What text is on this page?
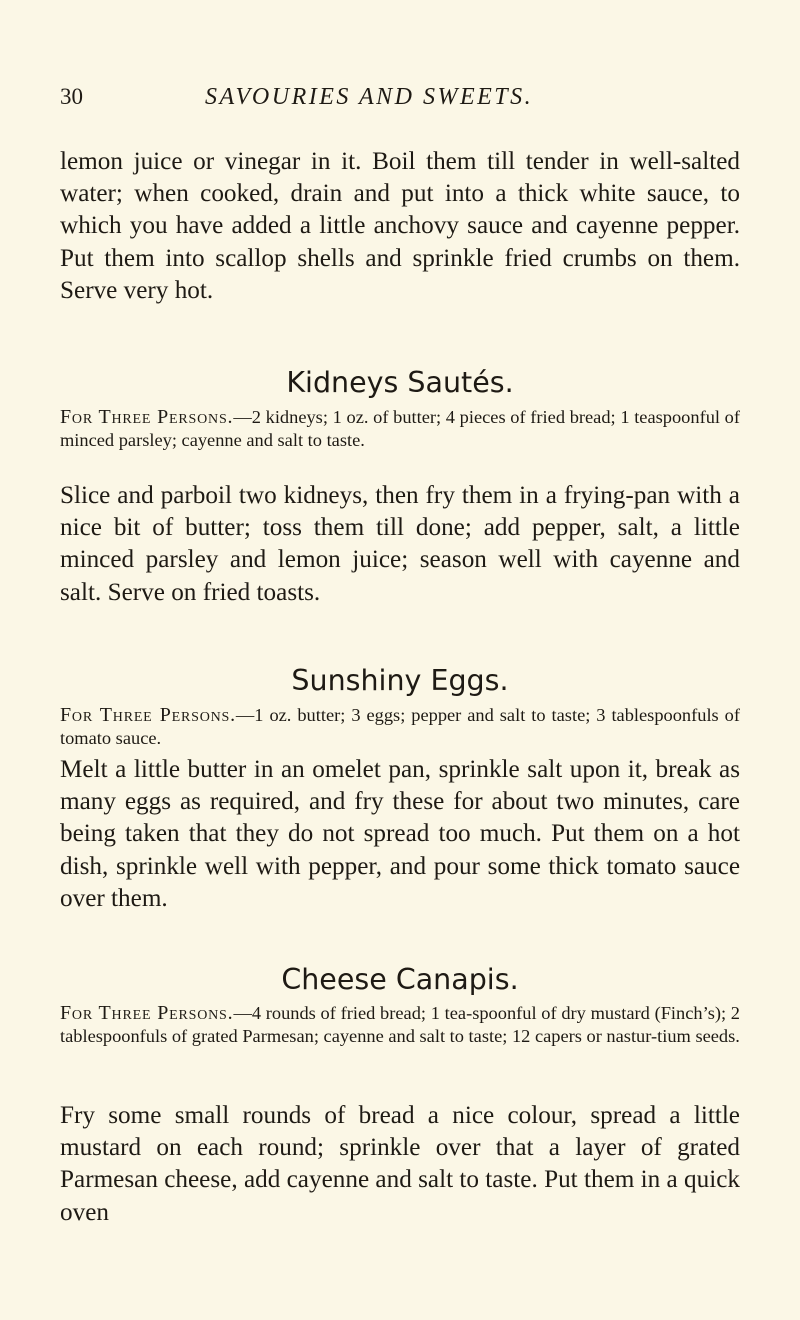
30	SAVOURIES AND SWEETS.

lemon juice or vinegar in it. Boil them till tender in well-salted water; when cooked, drain and put into a thick white sauce, to which you have added a little anchovy sauce and cayenne pepper. Put them into scallop shells and sprinkle fried crumbs on them. Serve very hot.

Kidneys Sautés.

For Three Persons.—2 kidneys; 1 oz. of butter; 4 pieces of fried bread; 1 teaspoonful of minced parsley; cayenne and salt to taste.

Slice and parboil two kidneys, then fry them in a frying-pan with a nice bit of butter; toss them till done; add pepper, salt, a little minced parsley and lemon juice; season well with cayenne and salt. Serve on fried toasts.

Sunshiny Eggs.

For Three Persons.—1 oz. butter; 3 eggs; pepper and salt to taste; 3 tablespoonfuls of tomato sauce.

Melt a little butter in an omelet pan, sprinkle salt upon it, break as many eggs as required, and fry these for about two minutes, care being taken that they do not spread too much. Put them on a hot dish, sprinkle well with pepper, and pour some thick tomato sauce over them.

Cheese Canapis.

For Three Persons.—4 rounds of fried bread; 1 tea-spoonful of dry mustard (Finch’s); 2 tablespoonfuls of grated Parmesan; cayenne and salt to taste; 12 capers or nastur-tium seeds.

Fry some small rounds of bread a nice colour, spread a little mustard on each round; sprinkle over that a layer of grated Parmesan cheese, add cayenne and salt to taste. Put them in a quick oven
